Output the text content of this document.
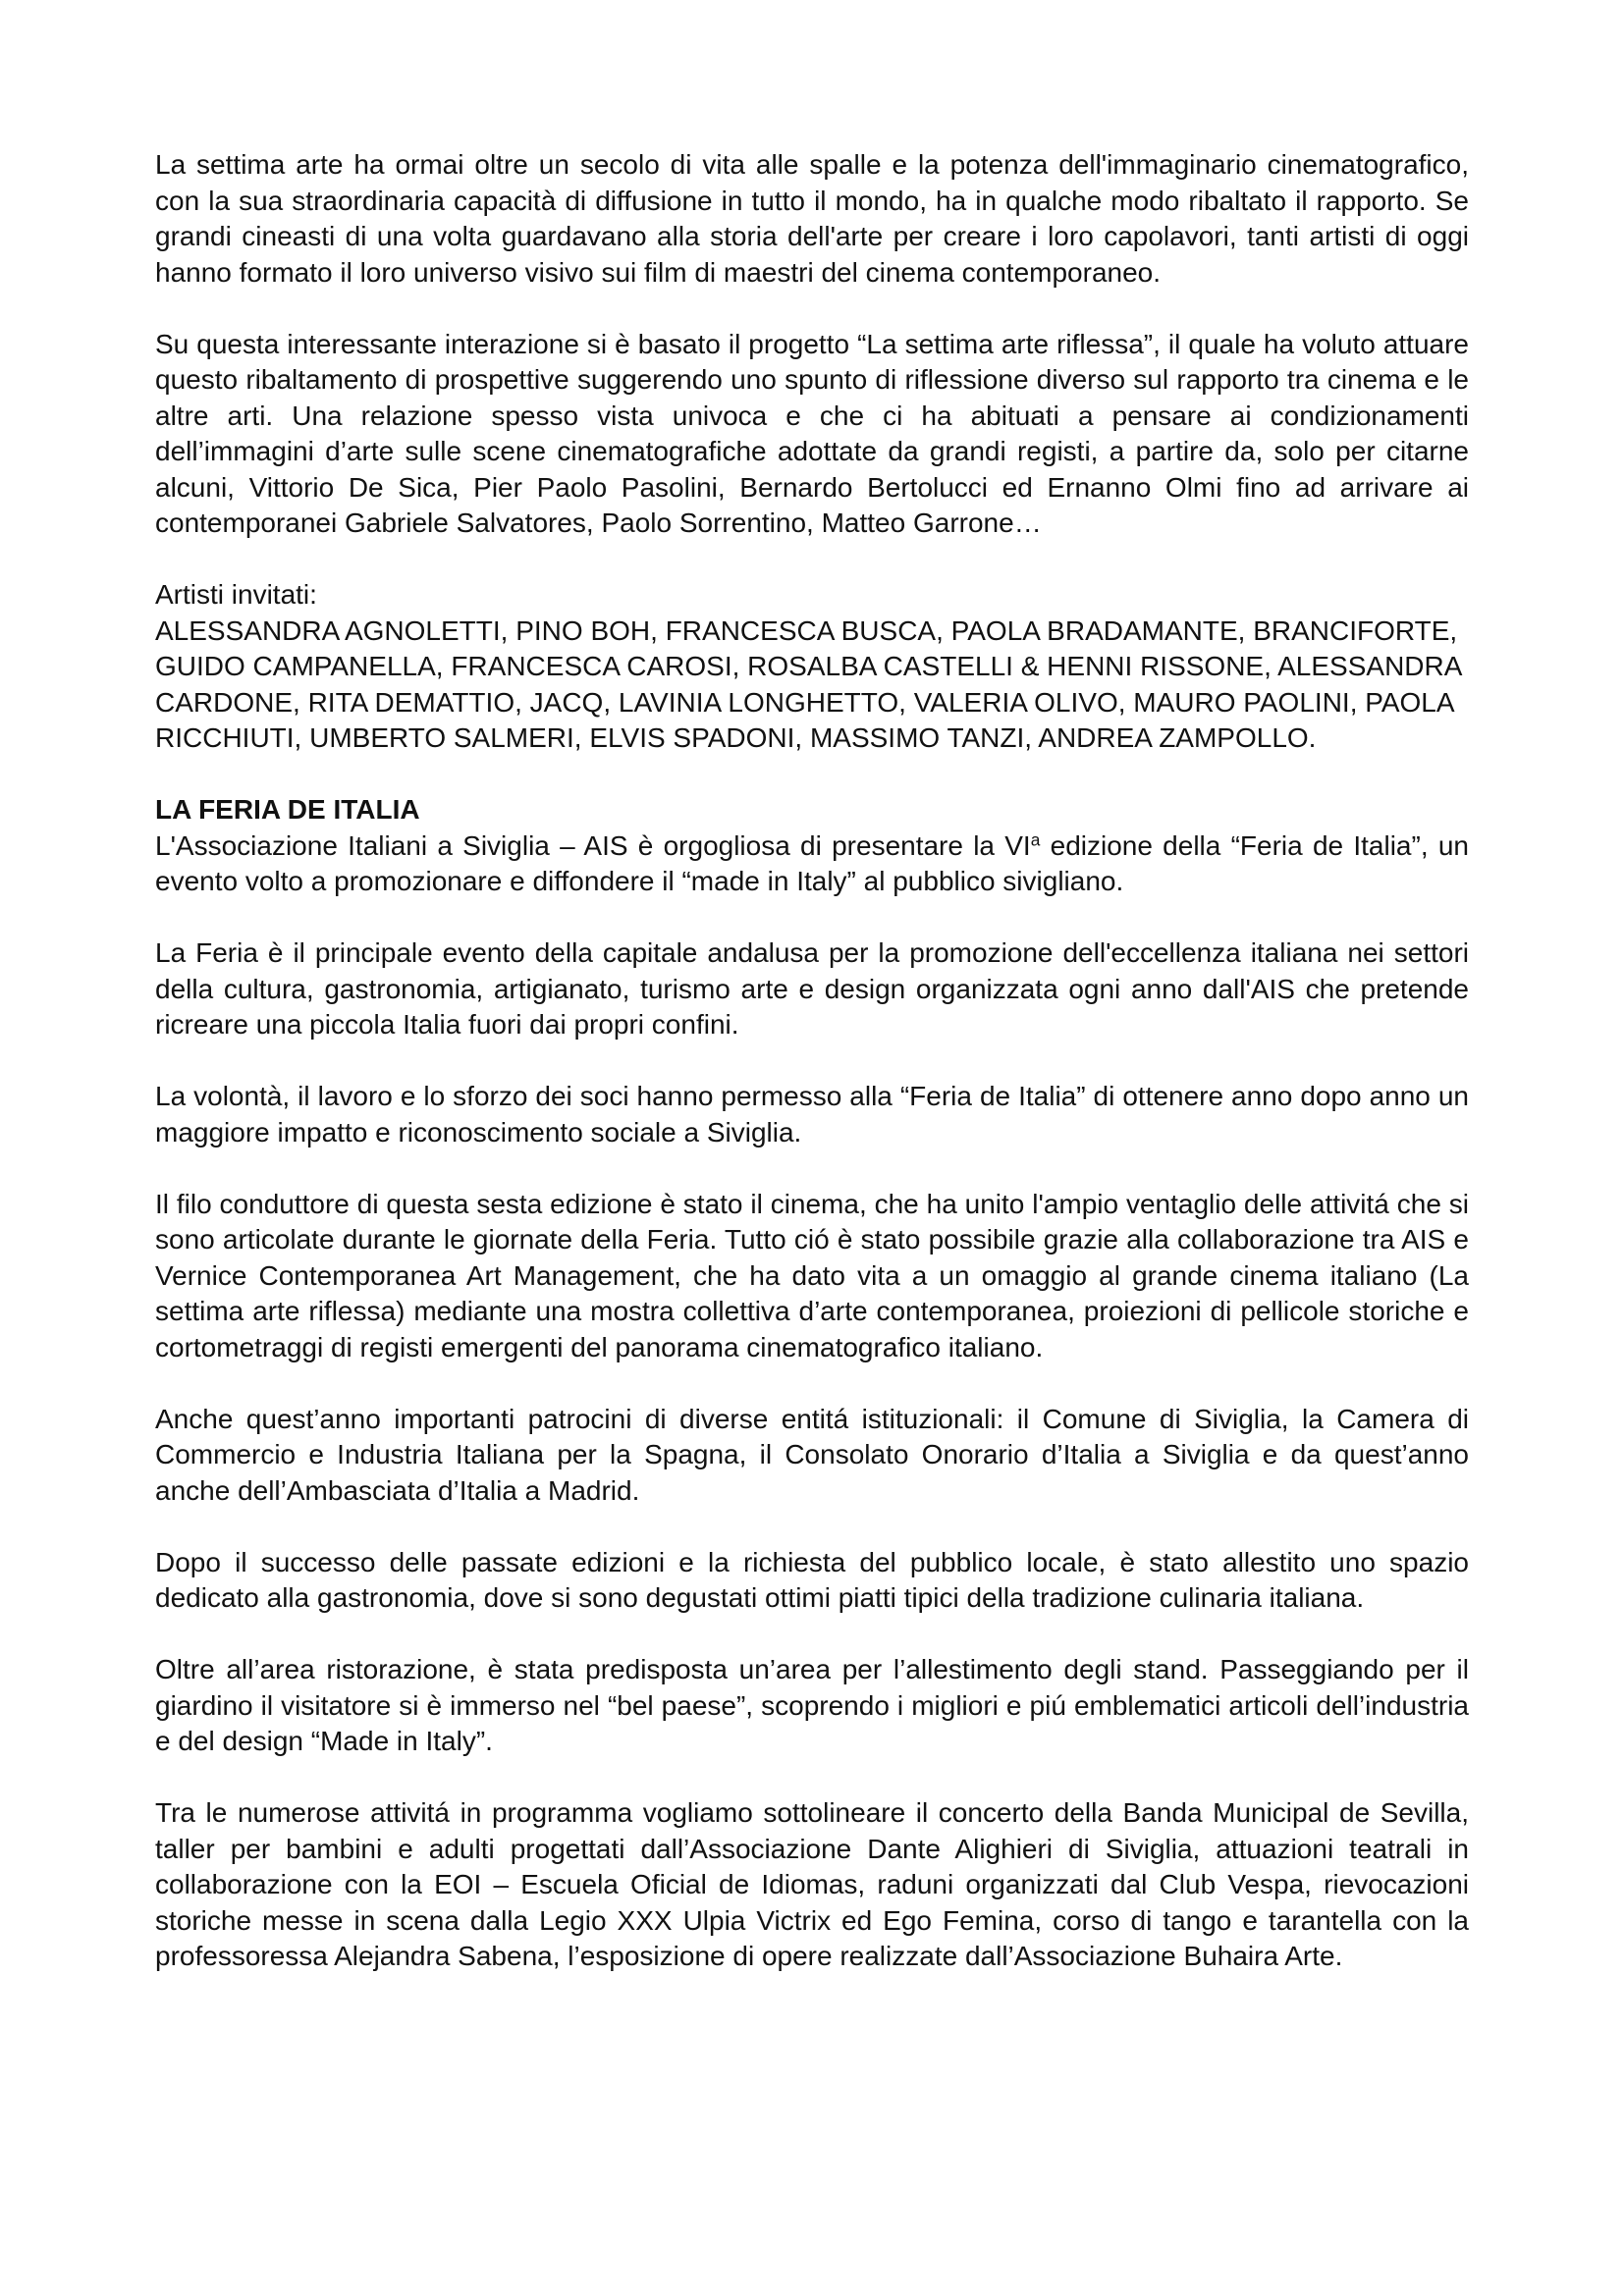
La settima arte ha ormai oltre un secolo di vita alle spalle e la potenza dell'immaginario cinematografico, con la sua straordinaria capacità di diffusione in tutto il mondo, ha in qualche modo ribaltato il rapporto. Se grandi cineasti di una volta guardavano alla storia dell'arte per creare i loro capolavori, tanti artisti di oggi hanno formato il loro universo visivo sui film di maestri del cinema contemporaneo.

Su questa interessante interazione si è basato il progetto “La settima arte riflessa”, il quale ha voluto attuare questo ribaltamento di prospettive suggerendo uno spunto di riflessione diverso sul rapporto tra cinema e le altre arti. Una relazione spesso vista univoca e che ci ha abituati a pensare ai condizionamenti dell’immagini d’arte sulle scene cinematografiche adottate da grandi registi, a partire da, solo per citarne alcuni, Vittorio De Sica, Pier Paolo Pasolini, Bernardo Bertolucci ed Ernanno Olmi fino ad arrivare ai contemporanei Gabriele Salvatores, Paolo Sorrentino, Matteo Garrone…

Artisti invitati:

ALESSANDRA AGNOLETTI, PINO BOH, FRANCESCA BUSCA, PAOLA BRADAMANTE, BRANCIFORTE, GUIDO CAMPANELLA, FRANCESCA CAROSI, ROSALBA CASTELLI & HENNI RISSONE, ALESSANDRA CARDONE, RITA DEMATTIO, JACQ, LAVINIA LONGHETTO, VALERIA OLIVO, MAURO PAOLINI, PAOLA RICCHIUTI, UMBERTO SALMERI, ELVIS SPADONI, MASSIMO TANZI, ANDREA ZAMPOLLO.

LA FERIA DE ITALIA

L'Associazione Italiani a Siviglia – AIS è orgogliosa di presentare la $VI^a$ edizione della “Feria de Italia”, un evento volto a promozionare e diffondere il “made in Italy” al pubblico sivigliano.

La Feria è il principale evento della capitale andalusa per la promozione dell'eccellenza italiana nei settori della cultura, gastronomia, artigianato, turismo arte e design organizzata ogni anno dall'AIS che pretende ricreare una piccola Italia fuori dai propri confini.

La volontà, il lavoro e lo sforzo dei soci hanno permesso alla “Feria de Italia” di ottenere anno dopo anno un maggiore impatto e riconoscimento sociale a Siviglia.

Il filo conduttore di questa sesta edizione è stato il cinema, che ha unito l'ampio ventaglio delle attivitá che si sono articolate durante le giornate della Feria. Tutto ció è stato possibile grazie alla collaborazione tra AIS e Vernice Contemporanea Art Management, che ha dato vita a un omaggio al grande cinema italiano (La settima arte riflessa) mediante una mostra collettiva d’arte contemporanea, proiezioni di pellicole storiche e cortometraggi di registi emergenti del panorama cinematografico italiano.

Anche quest’anno importanti patrocini di diverse entitá istituzionali: il Comune di Siviglia, la Camera di Commercio e Industria Italiana per la Spagna, il Consolato Onorario d’Italia a Siviglia e da quest’anno anche dell’Ambasciata d’Italia a Madrid.

Dopo il successo delle passate edizioni e la richiesta del pubblico locale, è stato allestito uno spazio dedicato alla gastronomia, dove si sono degustati ottimi piatti tipici della tradizione culinaria italiana.

Oltre all’area ristorazione, è stata predisposta un’area per l’allestimento degli stand. Passeggiando per il giardino il visitatore si è immerso nel “bel paese”, scoprendo i migliori e piú emblematici articoli dell’industria e del design “Made in Italy”.

Tra le numerose attivitá in programma vogliamo sottolineare il concerto della Banda Municipal de Sevilla, taller per bambini e adulti progettati dall’Associazione Dante Alighieri di Siviglia, attuazioni teatrali in collaborazione con la EOI – Escuela Oficial de Idiomas, raduni organizzati dal Club Vespa, rievocazioni storiche messe in scena dalla Legio XXX Ulpia Victrix ed Ego Femina, corso di tango e tarantella con la professoressa Alejandra Sabena, l’esposizione di opere realizzate dall’Associazione Buhaira Arte.
